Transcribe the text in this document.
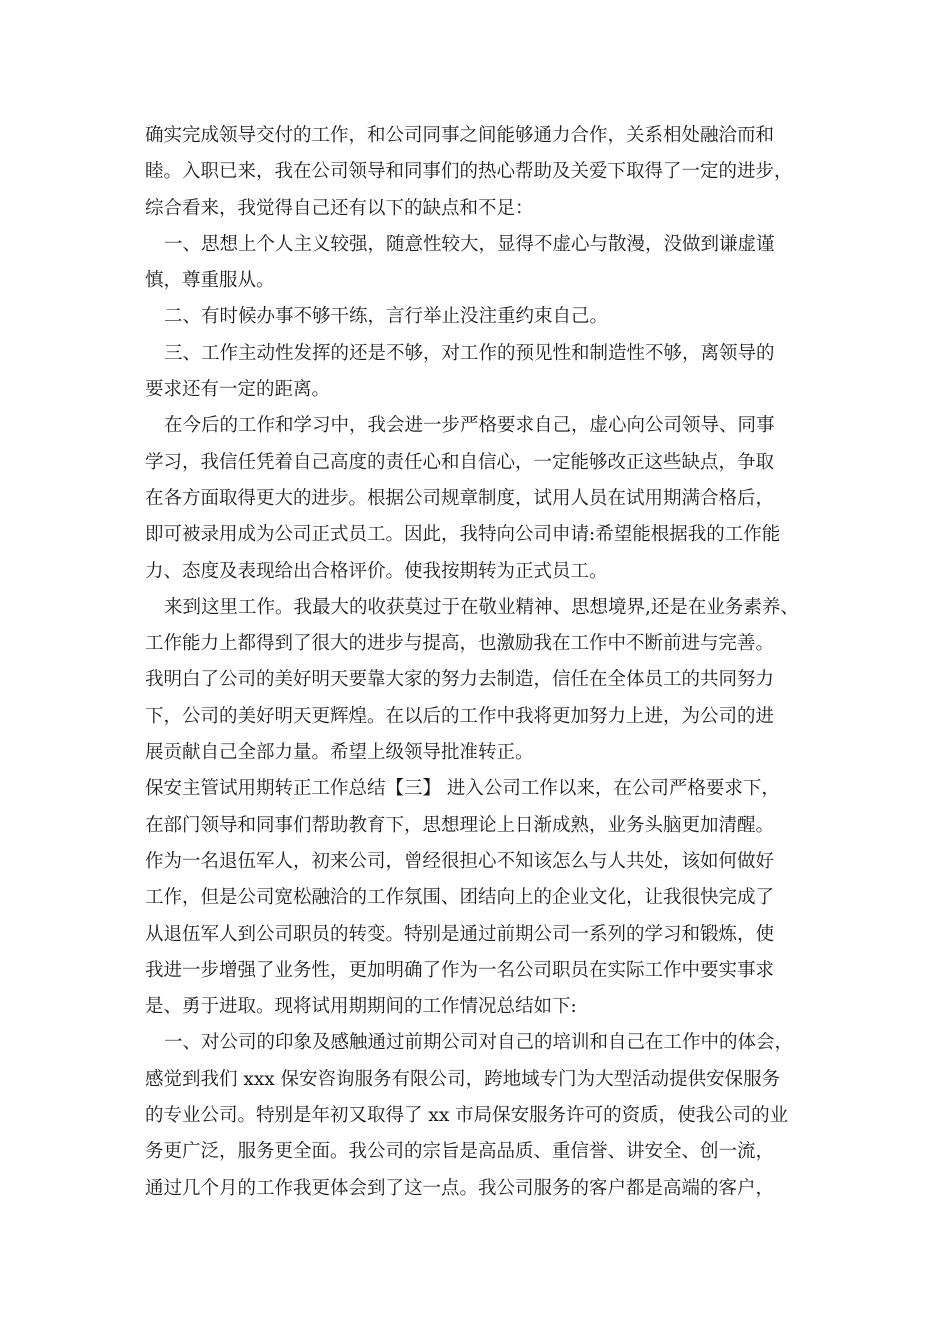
确实完成领导交付的工作，和公司同事之间能够通力合作，关系相处融洽而和
睦。入职已来，我在公司领导和同事们的热心帮助及关爱下取得了一定的进步，
综合看来，我觉得自己还有以下的缺点和不足：
一、思想上个人主义较强，随意性较大，显得不虚心与散漫，没做到谦虚谨
慎，尊重服从。
二、有时候办事不够干练，言行举止没注重约束自己。
三、工作主动性发挥的还是不够，对工作的预见性和制造性不够，离领导的
要求还有一定的距离。
在今后的工作和学习中，我会进一步严格要求自己，虚心向公司领导、同事
学习，我信任凭着自己高度的责任心和自信心，一定能够改正这些缺点，争取
在各方面取得更大的进步。根据公司规章制度，试用人员在试用期满合格后，
即可被录用成为公司正式员工。因此，我特向公司申请:希望能根据我的工作能
力、态度及表现给出合格评价。使我按期转为正式员工。
来到这里工作。我最大的收获莫过于在敬业精神、思想境界,还是在业务素养、
工作能力上都得到了很大的进步与提高，也激励我在工作中不断前进与完善。
我明白了公司的美好明天要靠大家的努力去制造，信任在全体员工的共同努力
下，公司的美好明天更辉煌。在以后的工作中我将更加努力上进，为公司的进
展贡献自己全部力量。希望上级领导批准转正。
保安主管试用期转正工作总结【三】 进入公司工作以来，在公司严格要求下，
在部门领导和同事们帮助教育下，思想理论上日渐成熟，业务头脑更加清醒。
作为一名退伍军人，初来公司，曾经很担心不知该怎么与人共处，该如何做好
工作，但是公司宽松融洽的工作氛围、团结向上的企业文化，让我很快完成了
从退伍军人到公司职员的转变。特别是通过前期公司一系列的学习和锻炼，使
我进一步增强了业务性，更加明确了作为一名公司职员在实际工作中要实事求
是、勇于进取。现将试用期期间的工作情况总结如下:
一、对公司的印象及感触通过前期公司对自己的培训和自己在工作中的体会，
感觉到我们 xxx 保安咨询服务有限公司，跨地域专门为大型活动提供安保服务
的专业公司。特别是年初又取得了 xx 市局保安服务许可的资质，使我公司的业
务更广泛，服务更全面。我公司的宗旨是高品质、重信誉、讲安全、创一流，
通过几个月的工作我更体会到了这一点。我公司服务的客户都是高端的客户，
